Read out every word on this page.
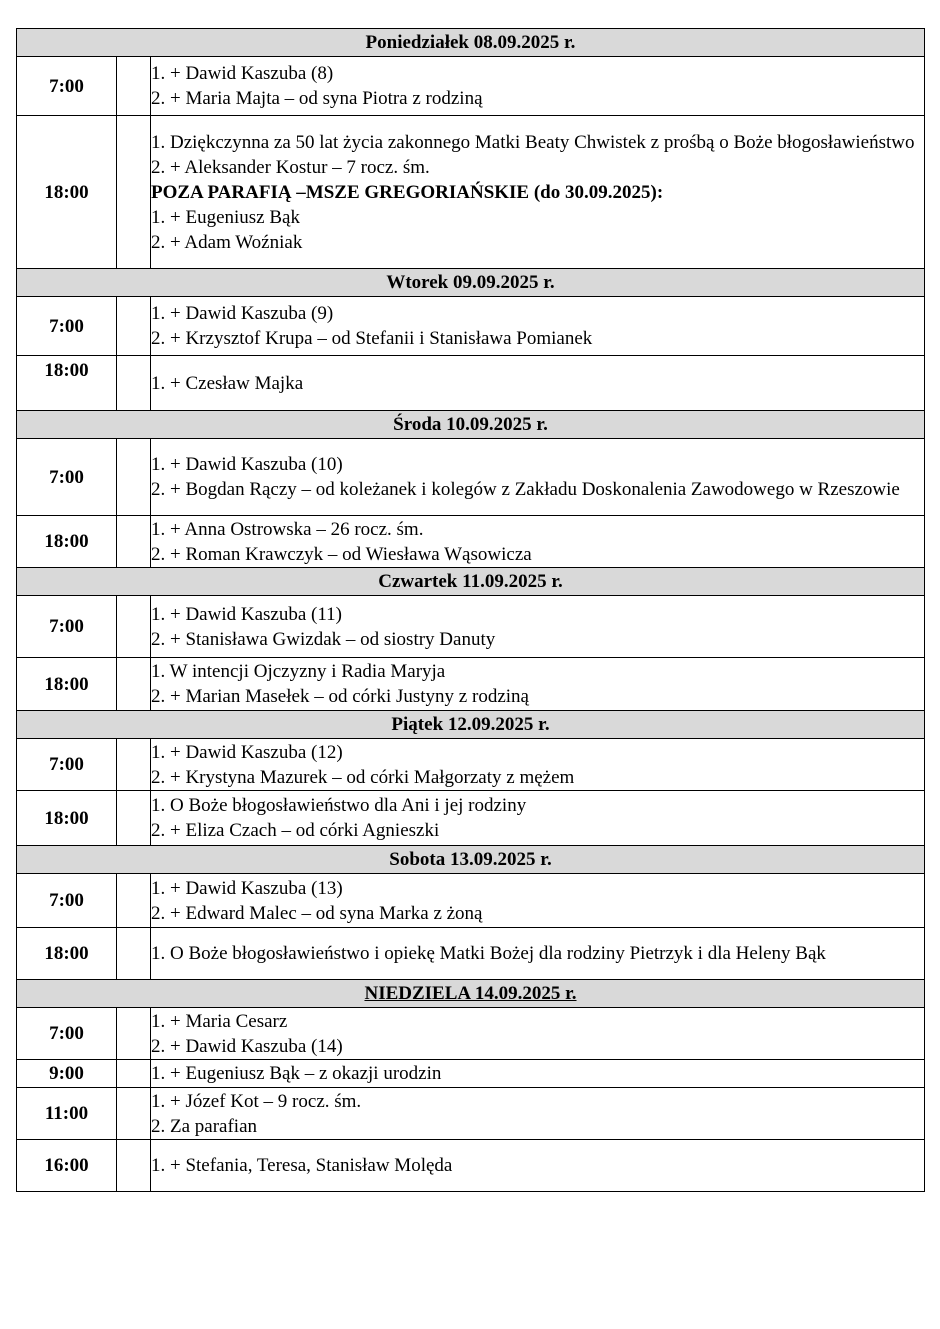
Poniedziałek 08.09.2025 r.		
7:00		1. + Dawid Kaszuba (8)
2. + Maria Majta – od syna Piotra z rodziną

18:00		1. Dziękczynna za 50 lat życia zakonnego Matki Beaty Chwistek z prośbą o Boże błogosławieństwo
2. + Aleksander Kostur – 7 rocz. śm.
POZA PARAFIĄ –MSZE GREGORIAŃSKIE (do 30.09.2025):
1. + Eugeniusz Bąk
2. + Adam Woźniak

Wtorek 09.09.2025 r.		
7:00		1. + Dawid Kaszuba (9)
2. + Krzysztof Krupa – od Stefanii i Stanisława Pomianek

18:00		1. + Czesław Majka

Środa 10.09.2025 r.		
7:00		1. + Dawid Kaszuba (10)
2. + Bogdan Rączy – od koleżanek i kolegów z Zakładu Doskonalenia Zawodowego w Rzeszowie

18:00		1. + Anna Ostrowska – 26 rocz. śm.
2. + Roman Krawczyk – od Wiesława Wąsowicza

Czwartek 11.09.2025 r.		
7:00		1. + Dawid Kaszuba (11)
2. + Stanisława Gwizdak – od siostry Danuty

18:00		1. W intencji Ojczyzny i Radia Maryja
2. + Marian Masełek – od córki Justyny z rodziną

Piątek 12.09.2025 r.		
7:00		1. + Dawid Kaszuba (12)
2. + Krystyna Mazurek – od córki Małgorzaty z mężem

18:00		1. O Boże błogosławieństwo dla Ani i jej rodziny
2. + Eliza Czach – od córki Agnieszki

Sobota 13.09.2025 r.		
7:00		1. + Dawid Kaszuba (13)
2. + Edward Malec – od syna Marka z żoną

18:00		1. O Boże błogosławieństwo i opiekę Matki Bożej dla rodziny Pietrzyk i dla Heleny Bąk

NIEDZIELA 14.09.2025 r.		
7:00		1. + Maria Cesarz
2. + Dawid Kaszuba (14)

9:00		1. + Eugeniusz Bąk – z okazji urodzin

11:00		1. + Józef Kot – 9 rocz. śm.
2. Za parafian

16:00		1. + Stefania, Teresa, Stanisław Molęda
